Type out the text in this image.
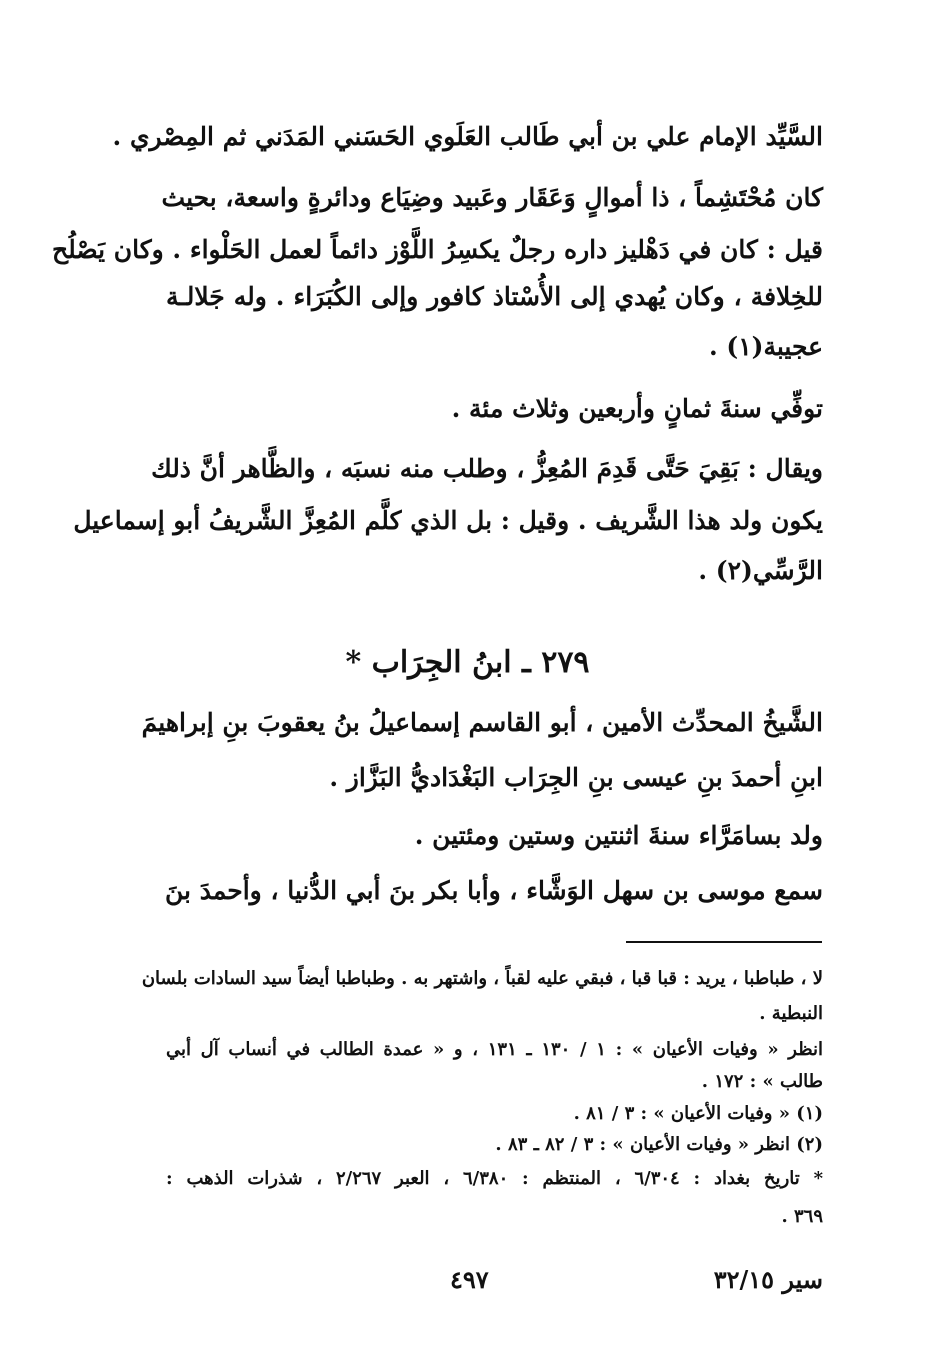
السَّيِّد الإمام علي بن أبي طَالب العَلَوي الحَسَني المَدَني ثم المِصْري .
كان مُحْتَشِماً ، ذا أموالٍ وَعَقَار وعَبيد وضِيَاع ودائرةٍ واسعة، بحيث
قيل : كان في دَهْليز داره رجلٌ يكسِرُ اللَّوْز دائماً لعمل الحَلْواء . وكان يَصْلُح
للخِلافة ، وكان يُهدي إلى الأُسْتاذ كافور وإلى الكُبَرَاء . وله جَلالـة
عجيبة(١) .
توفِّي سنةَ ثمانٍ وأربعين وثلاث مئة .
ويقال : بَقِيَ حَتَّى قَدِمَ المُعِزُّ ، وطلب منه نسبَه ، والظَّاهر أنَّ ذلك
يكون ولد هذا الشَّريف . وقيل : بل الذي كلَّم المُعِزَّ الشَّريفُ أبو إسماعيل
الرَّسِّي(٢) .
٢٧٩ ـ ابنُ الجِرَاب *
الشَّيخُ المحدِّث الأمين ، أبو القاسم إسماعيلُ بنُ يعقوبَ بنِ إبراهيمَ
ابنِ أحمدَ بنِ عيسى بنِ الجِرَاب البَغْدَاديُّ البَزَّاز .
ولد بسامَرَّاء سنةَ اثنتين وستين ومئتين .
سمع موسى بن سهل الوَشَّاء ، وأبا بكر بنَ أبي الدُّنيا ، وأحمدَ بنَ
لا ، طباطبا ، يريد : قبا قبا ، فبقي عليه لقباً ، واشتهر به . وطباطبا أيضاً سيد السادات بلسان
النبطية .
انظر « وفيات الأعيان » : ١ / ١٣٠ ـ ١٣١ ، و « عمدة الطالب في أنساب آل أبي
طالب » : ١٧٢ .
(١) « وفيات الأعيان » : ٣ / ٨١ .
(٢) انظر « وفيات الأعيان » : ٣ / ٨٢ ـ ٨٣ .
* تاريخ بغداد : ٦/٣٠٤ ، المنتظم : ٦/٣٨٠ ، العبر ٢/٢٦٧ ، شذرات الذهب :
٣٦٩ .
سير ٣٢/١٥
٤٩٧
